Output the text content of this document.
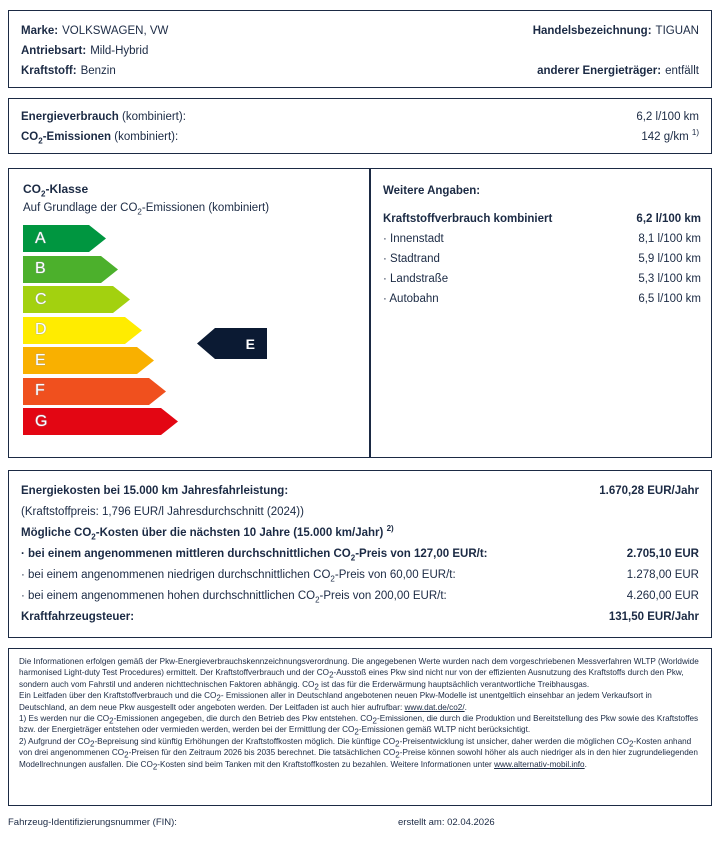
Marke: VOLKSWAGEN, VW	Handelsbezeichnung: TIGUAN
Antriebsart: Mild-Hybrid
Kraftstoff: Benzin	anderer Energieträger: entfällt
Energieverbrauch (kombiniert):	6,2 l/100 km
$CO_2$-Emissionen (kombiniert):	142 g/km $^{1)}$
$CO_2$-Klasse
Auf Grundlage der $CO_2$-Emissionen (kombiniert)
A
B
C
D
E
F
G
E
Weitere Angaben:
Kraftstoffverbrauch kombiniert	6,2 l/100 km
· Innenstadt	8,1 l/100 km
· Stadtrand	5,9 l/100 km
· Landstraße	5,3 l/100 km
· Autobahn	6,5 l/100 km
Energiekosten bei 15.000 km Jahresfahrleistung:	1.670,28 EUR/Jahr
(Kraftstoffpreis: 1,796 EUR/l Jahresdurchschnitt (2024))
Mögliche $CO_2$-Kosten über die nächsten 10 Jahre (15.000 km/Jahr) $^{2)}$
· bei einem angenommenen mittleren durchschnittlichen $CO_2$-Preis von 127,00 EUR/t:	2.705,10 EUR
· bei einem angenommenen niedrigen durchschnittlichen $CO_2$-Preis von 60,00 EUR/t:	1.278,00 EUR
· bei einem angenommenen hohen durchschnittlichen $CO_2$-Preis von 200,00 EUR/t:	4.260,00 EUR
Kraftfahrzeugsteuer:	131,50 EUR/Jahr

Die Informationen erfolgen gemäß der Pkw-Energieverbrauchskennzeichnungsverordnung. Die angegebenen Werte wurden nach dem vorgeschriebenen Messverfahren WLTP (Worldwide harmonised Light-duty Test Procedures) ermittelt. Der Kraftstoffverbrauch und der $CO_2$-Ausstoß eines Pkw sind nicht nur von der effizienten Ausnutzung des Kraftstoffs durch den Pkw, sondern auch vom Fahrstil und anderen nichttechnischen Faktoren abhängig. $CO_2$ ist das für die Erderwärmung hauptsächlich verantwortliche Treibhausgas.

Ein Leitfaden über den Kraftstoffverbrauch und die $CO_2-$ Emissionen aller in Deutschland angebotenen neuen Pkw-Modelle ist unentgeltlich einsehbar an jedem Verkaufsort in Deutschland, an dem neue Pkw ausgestellt oder angeboten werden. Der Leitfaden ist auch hier aufrufbar: www.dat.de/co2/.

1) Es werden nur die $CO_2$-Emissionen angegeben, die durch den Betrieb des Pkw entstehen. $CO_2$-Emissionen, die durch die Produktion und Bereitstellung des Pkw sowie des Kraftstoffes bzw. der Energieträger entstehen oder vermieden werden, werden bei der Ermittlung der $CO_2$-Emissionen gemäß WLTP nicht berücksichtigt.

2) Aufgrund der $CO_2$-Bepreisung sind künftig Erhöhungen der Kraftstoffkosten möglich. Die künftige $CO_2$-Preisentwicklung ist unsicher, daher werden die möglichen $CO_2$-Kosten anhand von drei angenommenen $CO_2$-Preisen für den Zeitraum 2026 bis 2035 berechnet. Die tatsächlichen $CO_2$-Preise können sowohl höher als auch niedriger als in den hier zugrundeliegenden Modellrechnungen ausfallen. Die $CO_2$-Kosten sind beim Tanken mit den Kraftstoffkosten zu bezahlen. Weitere Informationen unter www.alternativ-mobil.info.

Fahrzeug-Identifizierungsnummer (FIN):	erstellt am: 02.04.2026
